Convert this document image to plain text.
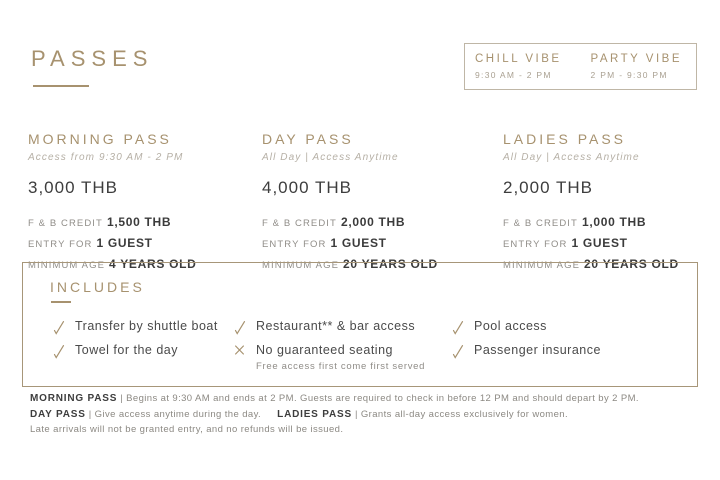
PASSES	CHILL VIBE
9:30 AM - 2 PM
PARTY VIBE
2 PM - 9:30 PM
MORNING PASS
Access from 9:30 AM - 2 PM
3,000 THB
F & B CREDIT 1,500 THB
ENTRY FOR 1 GUEST
MINIMUM AGE 4 YEARS OLD
DAY PASS
All Day | Access Anytime
4,000 THB
F & B CREDIT 2,000 THB
ENTRY FOR 1 GUEST
MINIMUM AGE 20 YEARS OLD
LADIES PASS
All Day | Access Anytime
2,000 THB
F & B CREDIT 1,000 THB
ENTRY FOR 1 GUEST
MINIMUM AGE 20 YEARS OLD
INCLUDES
Transfer by shuttle boat
Towel for the day
Restaurant** & bar access
No guaranteed seating
Free access first come first served
Pool access
Passenger insurance
MORNING PASS | Begins at 9:30 AM and ends at 2 PM. Guests are required to check in before 12 PM and should depart by 2 PM.
DAY PASS | Give access anytime during the day. LADIES PASS | Grants all-day access exclusively for women.
Late arrivals will not be granted entry, and no refunds will be issued.
